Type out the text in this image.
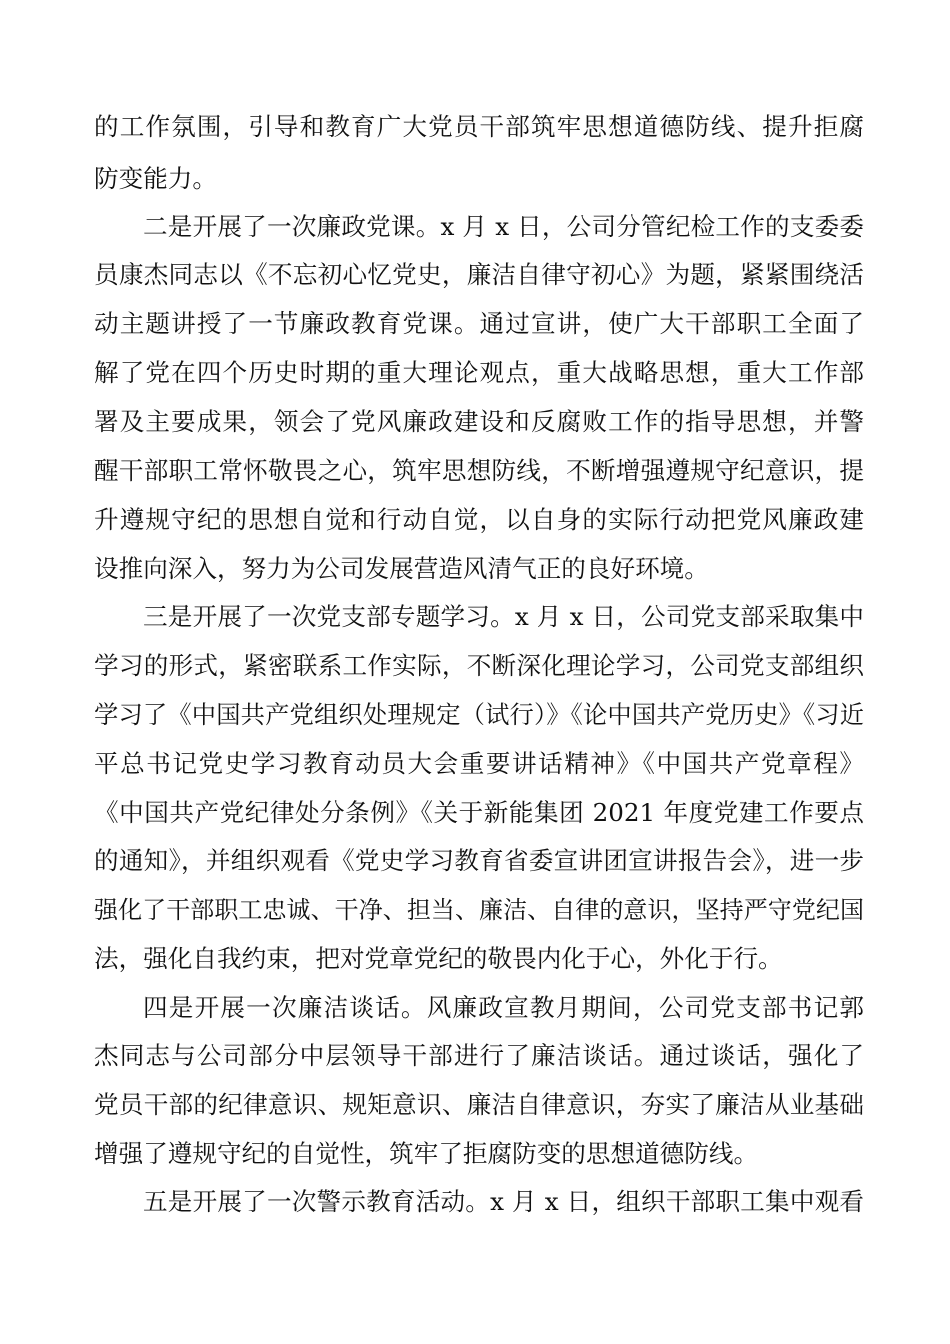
的工作氛围，引导和教育广大党员干部筑牢思想道德防线、提升拒腐
防变能力。
二是开展了一次廉政党课。x 月 x 日，公司分管纪检工作的支委委
员康杰同志以《不忘初心忆党史，廉洁自律守初心》为题，紧紧围绕活
动主题讲授了一节廉政教育党课。通过宣讲，使广大干部职工全面了
解了党在四个历史时期的重大理论观点，重大战略思想，重大工作部
署及主要成果，领会了党风廉政建设和反腐败工作的指导思想，并警
醒干部职工常怀敬畏之心，筑牢思想防线，不断增强遵规守纪意识，提
升遵规守纪的思想自觉和行动自觉，以自身的实际行动把党风廉政建
设推向深入，努力为公司发展营造风清气正的良好环境。
三是开展了一次党支部专题学习。x 月 x 日，公司党支部采取集中
学习的形式，紧密联系工作实际，不断深化理论学习，公司党支部组织
学习了《中国共产党组织处理规定（试行）》《论中国共产党历史》《习近
平总书记党史学习教育动员大会重要讲话精神》《中国共产党章程》
《中国共产党纪律处分条例》《关于新能集团 2021 年度党建工作要点
的通知》，并组织观看《党史学习教育省委宣讲团宣讲报告会》，进一步
强化了干部职工忠诚、干净、担当、廉洁、自律的意识，坚持严守党纪国
法，强化自我约束，把对党章党纪的敬畏内化于心，外化于行。
四是开展一次廉洁谈话。风廉政宣教月期间，公司党支部书记郭
杰同志与公司部分中层领导干部进行了廉洁谈话。通过谈话，强化了
党员干部的纪律意识、规矩意识、廉洁自律意识，夯实了廉洁从业基础
增强了遵规守纪的自觉性，筑牢了拒腐防变的思想道德防线。
五是开展了一次警示教育活动。x 月 x 日，组织干部职工集中观看
